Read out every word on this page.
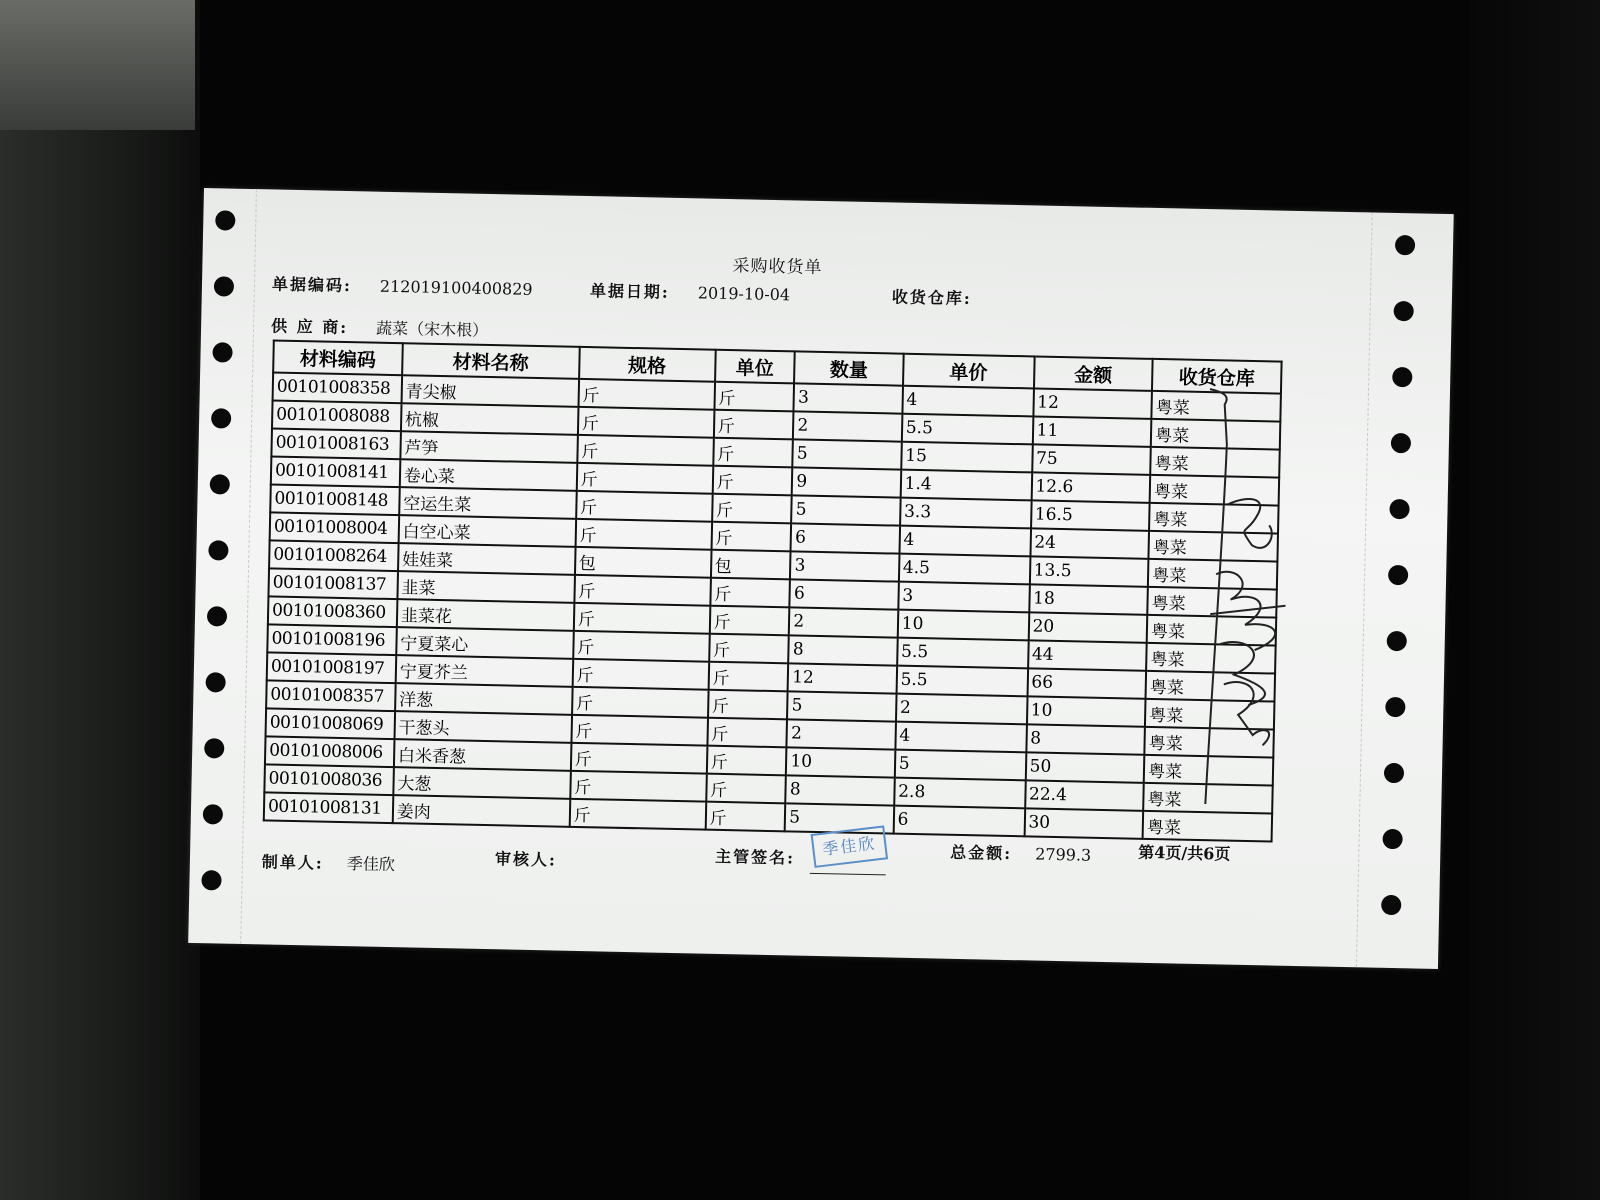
采购收货单
单据编码: 212019100400829	单据日期: 2019-10-04	收货仓库:
供 应 商: 蔬菜（宋木根）
材料编码	材料名称	规格	单位	数量	单价	金额	收货仓库
00101008358	青尖椒	斤	斤	3	4	12	粤菜
00101008088	杭椒	斤	斤	2	5.5	11	粤菜
00101008163	芦笋	斤	斤	5	15	75	粤菜
00101008141	卷心菜	斤	斤	9	1.4	12.6	粤菜
00101008148	空运生菜	斤	斤	5	3.3	16.5	粤菜
00101008004	白空心菜	斤	斤	6	4	24	粤菜
00101008264	娃娃菜	包	包	3	4.5	13.5	粤菜
00101008137	韭菜	斤	斤	6	3	18	粤菜
00101008360	韭菜花	斤	斤	2	10	20	粤菜
00101008196	宁夏菜心	斤	斤	8	5.5	44	粤菜
00101008197	宁夏芥兰	斤	斤	12	5.5	66	粤菜
00101008357	洋葱	斤	斤	5	2	10	粤菜
00101008069	干葱头	斤	斤	2	4	8	粤菜
00101008006	白米香葱	斤	斤	10	5	50	粤菜
00101008036	大葱	斤	斤	8	2.8	22.4	粤菜
00101008131	姜肉	斤	斤	5	6	30	粤菜
制单人: 季佳欣	审核人:	主管签名:	季佳欣	总金额: 2799.3	第4页/共6页
